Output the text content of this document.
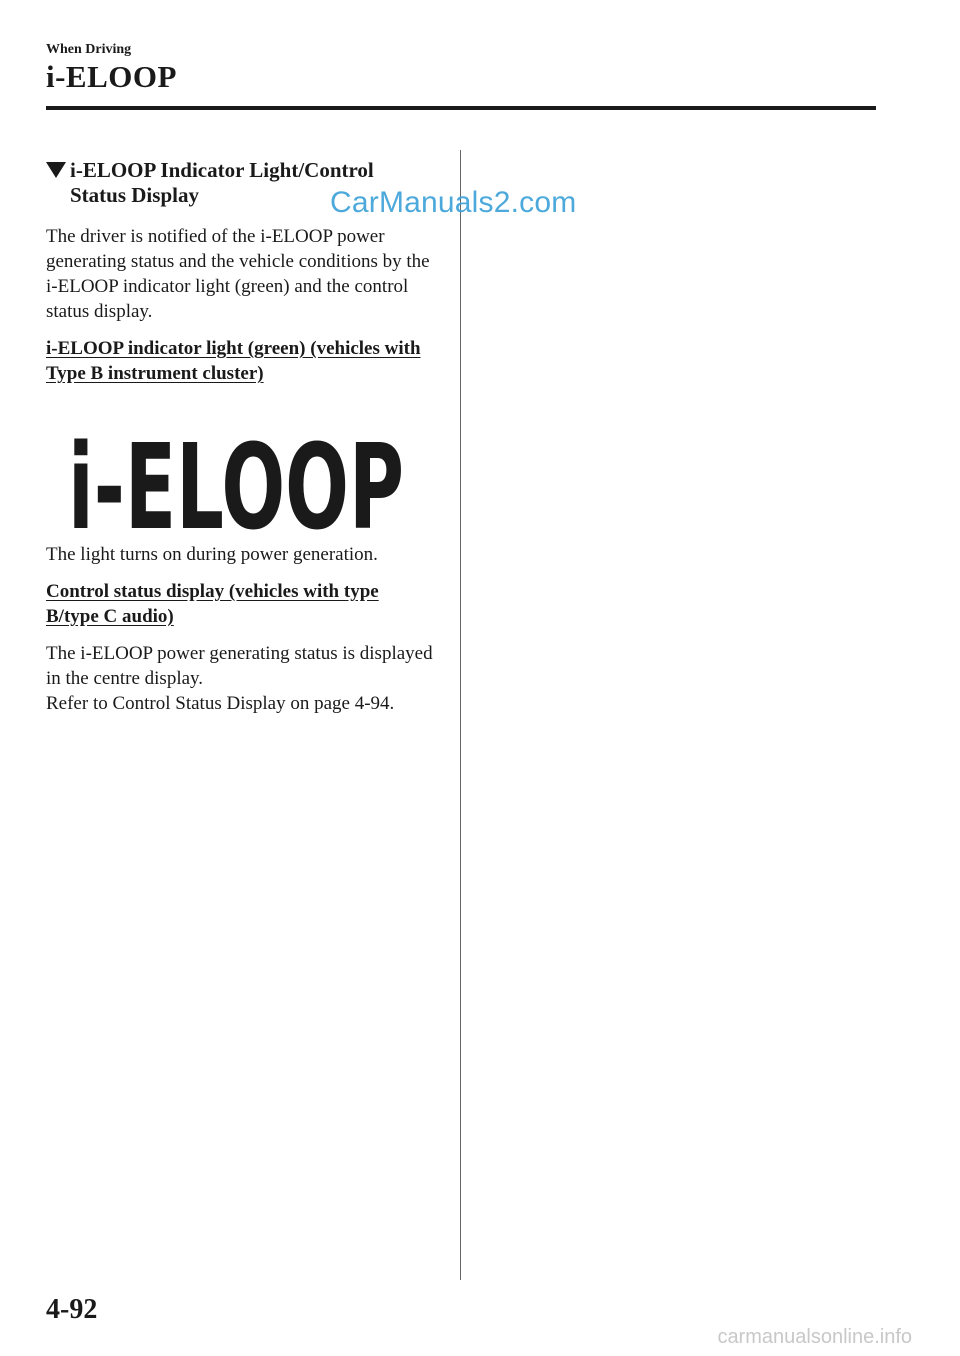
When Driving
i-ELOOP
CarManuals2.com
i-ELOOP Indicator Light/Control
Status Display

The driver is notified of the i-ELOOP power generating status and the vehicle conditions by the i-ELOOP indicator light (green) and the control status display.

i-ELOOP indicator light (green) (vehicles with Type B instrument cluster)

i-ELOOP

The light turns on during power generation.

Control status display (vehicles with type B/type C audio)

The i-ELOOP power generating status is displayed in the centre display.

Refer to Control Status Display on page 4-94.

4-92
carmanualsonline.info
